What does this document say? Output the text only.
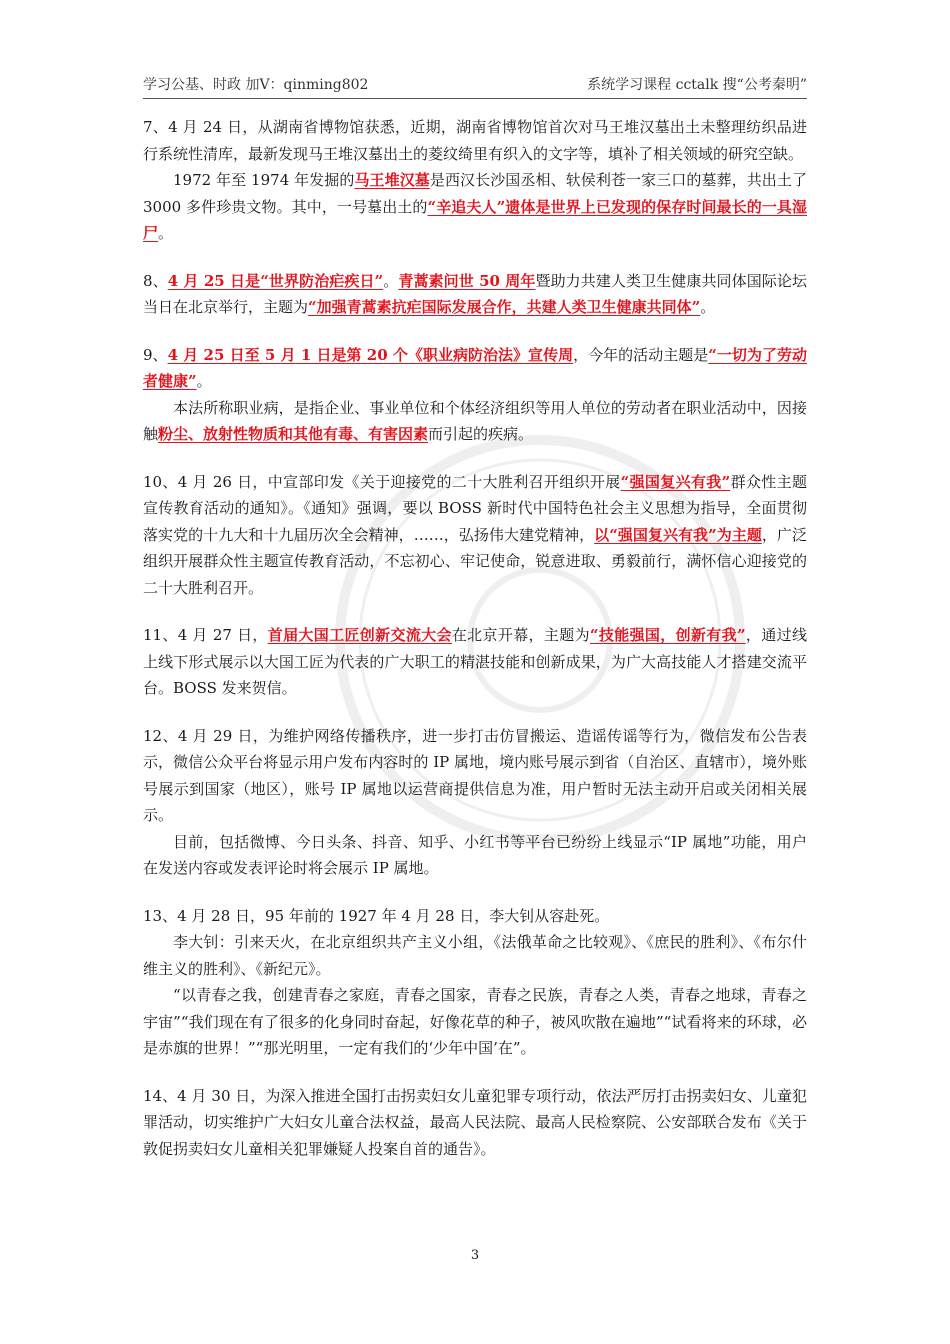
学习公基、时政 加V：qinming802	系统学习课程 cctalk 搜“公考秦明”

7、4 月 24 日，从湖南省博物馆获悉，近期，湖南省博物馆首次对马王堆汉墓出土未整理纺织品进行系统性清库，最新发现马王堆汉墓出土的菱纹绮里有织入的文字等，填补了相关领域的研究空缺。

1972 年至 1974 年发掘的马王堆汉墓是西汉长沙国丞相、轪侯利苍一家三口的墓葬，共出土了 3000 多件珍贵文物。其中，一号墓出土的“辛追夫人”遗体是世界上已发现的保存时间最长的一具湿尸。

8、4 月 25 日是“世界防治疟疾日”。青蒿素问世 50 周年暨助力共建人类卫生健康共同体国际论坛当日在北京举行，主题为“加强青蒿素抗疟国际发展合作，共建人类卫生健康共同体”。

9、4 月 25 日至 5 月 1 日是第 20 个《职业病防治法》宣传周，今年的活动主题是“一切为了劳动者健康”。

本法所称职业病，是指企业、事业单位和个体经济组织等用人单位的劳动者在职业活动中，因接触粉尘、放射性物质和其他有毒、有害因素而引起的疾病。

10、4 月 26 日，中宣部印发《关于迎接党的二十大胜利召开组织开展“强国复兴有我”群众性主题宣传教育活动的通知》。《通知》强调，要以 BOSS 新时代中国特色社会主义思想为指导，全面贯彻落实党的十九大和十九届历次全会精神，……，弘扬伟大建党精神，以“强国复兴有我”为主题，广泛组织开展群众性主题宣传教育活动，不忘初心、牢记使命，锐意进取、勇毅前行，满怀信心迎接党的二十大胜利召开。

11、4 月 27 日，首届大国工匠创新交流大会在北京开幕，主题为“技能强国，创新有我”，通过线上线下形式展示以大国工匠为代表的广大职工的精湛技能和创新成果，为广大高技能人才搭建交流平台。BOSS 发来贺信。

12、4 月 29 日，为维护网络传播秩序，进一步打击仿冒搬运、造谣传谣等行为，微信发布公告表示，微信公众平台将显示用户发布内容时的 IP 属地，境内账号展示到省（自治区、直辖市），境外账号展示到国家（地区），账号 IP 属地以运营商提供信息为准，用户暂时无法主动开启或关闭相关展示。

目前，包括微博、今日头条、抖音、知乎、小红书等平台已纷纷上线显示“IP 属地”功能，用户在发送内容或发表评论时将会展示 IP 属地。

13、4 月 28 日，95 年前的 1927 年 4 月 28 日，李大钊从容赴死。

李大钊：引来天火，在北京组织共产主义小组，《法俄革命之比较观》、《庶民的胜利》、《布尔什维主义的胜利》、《新纪元》。

“以青春之我，创建青春之家庭，青春之国家，青春之民族，青春之人类，青春之地球，青春之宇宙”“我们现在有了很多的化身同时奋起，好像花草的种子，被风吹散在遍地”“试看将来的环球，必是赤旗的世界！”“那光明里，一定有我们的‘少年中国’在”。

14、4 月 30 日，为深入推进全国打击拐卖妇女儿童犯罪专项行动，依法严厉打击拐卖妇女、儿童犯罪活动，切实维护广大妇女儿童合法权益，最高人民法院、最高人民检察院、公安部联合发布《关于敦促拐卖妇女儿童相关犯罪嫌疑人投案自首的通告》。

3
